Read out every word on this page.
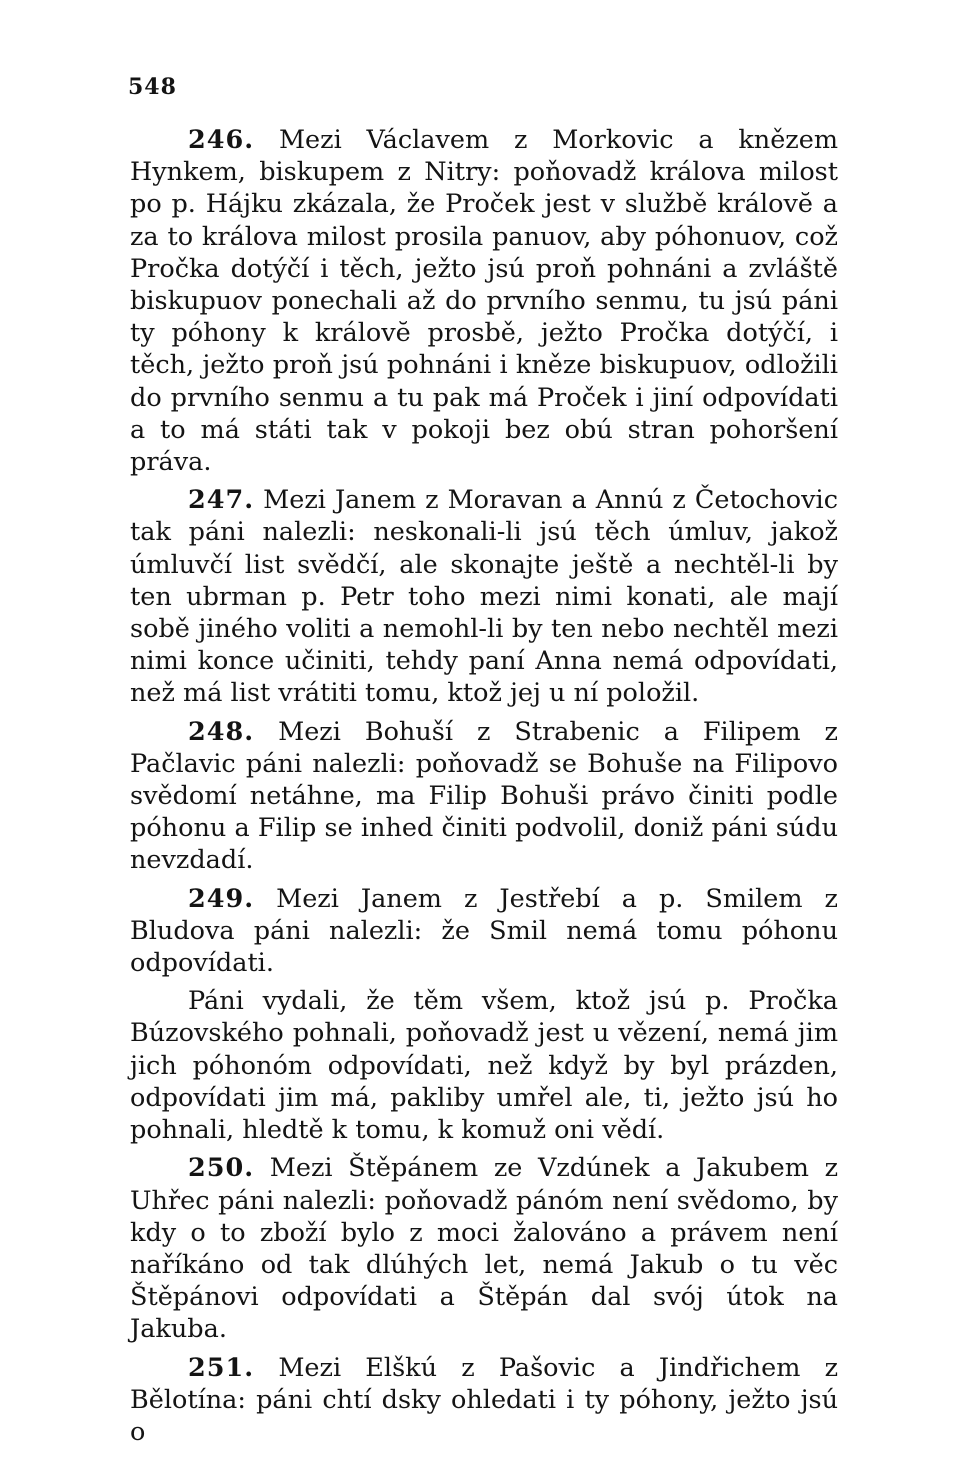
548

246. Mezi Václavem z Morkovic a knězem Hynkem, biskupem z Nitry: poňovadž králova milost po p. Hájku zkázala, že Proček jest v službě královĕ a za to králova milost prosila panuov, aby póhonuov, což Pročka dotýčí i těch, ježto jsú proň pohnáni a zvláště biskupuov ponechali až do prvního senmu, tu jsú páni ty póhony k královĕ prosbě, ježto Pročka dotýčí, i těch, ježto proň jsú pohnáni i kněze biskupuov, odložili do prvního senmu a tu pak má Proček i jiní odpovídati a to má státi tak v pokoji bez obú stran pohoršení práva.

247. Mezi Janem z Moravan a Annú z Četochovic tak páni nalezli: neskonali-li jsú těch úmluv, jakož úmluvčí list svědčí, ale skonajte ještě a nechtěl-li by ten ubrman p. Petr toho mezi nimi konati, ale mají sobě jiného voliti a nemohl-li by ten nebo nechtěl mezi nimi konce učiniti, tehdy paní Anna nemá odpovídati, než má list vrátiti tomu, ktož jej u ní položil.

248. Mezi Bohuší z Strabenic a Filipem z Pačlavic páni nalezli: poňovadž se Bohuše na Filipovo svědomí netáhne, ma Filip Bohuši právo činiti podle póhonu a Filip se inhed činiti podvolil, doniž páni súdu nevzdadí.

249. Mezi Janem z Jestřebí a p. Smilem z Bludova páni nalezli: že Smil nemá tomu póhonu odpovídati.

Páni vydali, že těm všem, ktož jsú p. Pročka Búzovského pohnali, poňovadž jest u vězení, nemá jim jich póhonóm odpovídati, než když by byl prázden, odpovídati jim má, pakliby umřel ale, ti, ježto jsú ho pohnali, hledtě k tomu, k komuž oni vědí.

250. Mezi Štěpánem ze Vzdúnek a Jakubem z Uhřec páni nalezli: poňovadž pánóm není svědomo, by kdy o to zboží bylo z moci žalováno a právem není naříkáno od tak dlúhých let, nemá Jakub o tu věc Štěpánovi odpovídati a Štěpán dal svój útok na Jakuba.

251. Mezi Elškú z Pašovic a Jindřichem z Bělotína: páni chtí dsky ohledati i ty póhony, ježto jsú o
